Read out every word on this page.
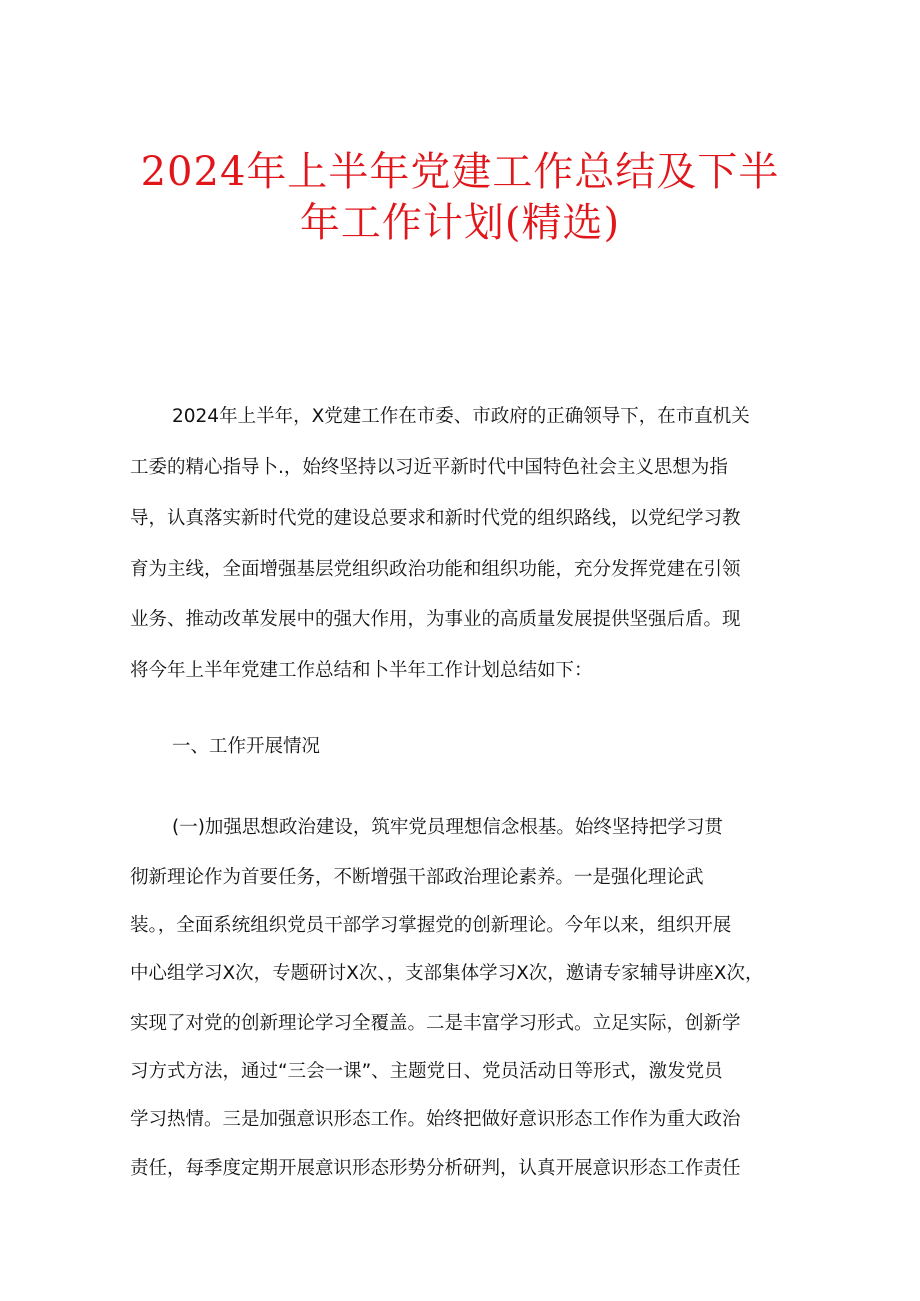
2024年上半年党建工作总结及下半
年工作计划(精选)

2024年上半年，X党建工作在市委、市政府的正确领导下，在市直机关

工委的精心指导卜.，始终坚持以习近平新时代中国特色社会主义思想为指

导，认真落实新时代党的建设总要求和新时代党的组织路线，以党纪学习教

育为主线，全面增强基层党组织政治功能和组织功能，充分发挥党建在引领

业务、推动改革发展中的强大作用，为事业的高质量发展提供坚强后盾。现

将今年上半年党建工作总结和卜半年工作计划总结如下：

一、工作开展情况

(一)加强思想政治建设，筑牢党员理想信念根基。始终坚持把学习贯

彻新理论作为首要任务，不断增强干部政治理论素养。一是强化理论武

装。，全面系统组织党员干部学习掌握党的创新理论。今年以来，组织开展

中心组学习X次，专题研讨X次、，支部集体学习X次，邀请专家辅导讲座X次，

实现了对党的创新理论学习全覆盖。二是丰富学习形式。立足实际，创新学

习方式方法，通过“三会一课”、主题党日、党员活动日等形式，激发党员

学习热情。三是加强意识形态工作。始终把做好意识形态工作作为重大政治

责任，每季度定期开展意识形态形势分析研判，认真开展意识形态工作责任
